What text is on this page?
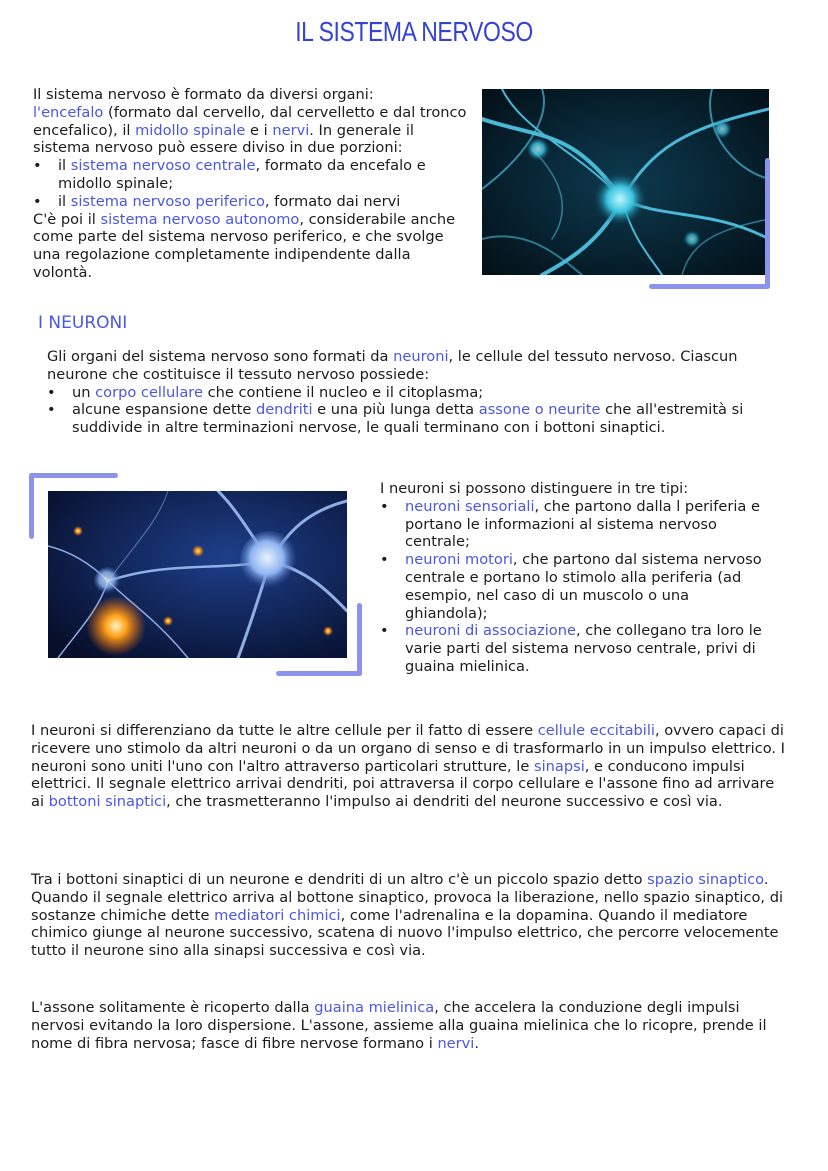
IL SISTEMA NERVOSO

Il sistema nervoso è formato da diversi organi:
l'encefalo (formato dal cervello, dal cervelletto e dal tronco encefalico), il midollo spinale e i nervi. In generale il sistema nervoso può essere diviso in due porzioni:

• il sistema nervoso centrale, formato da encefalo e midollo spinale;
• il sistema nervoso periferico, formato dai nervi

C'è poi il sistema nervoso autonomo, considerabile anche come parte del sistema nervoso periferico, e che svolge una regolazione completamente indipendente dalla volontà.

I NEURONI

Gli organi del sistema nervoso sono formati da neuroni, le cellule del tessuto nervoso. Ciascun neurone che costituisce il tessuto nervoso possiede:

• un corpo cellulare che contiene il nucleo e il citoplasma;
• alcune espansione dette dendriti e una più lunga detta assone o neurite che all'estremità si suddivide in altre terminazioni nervose, le quali terminano con i bottoni sinaptici.

I neuroni si possono distinguere in tre tipi:

• neuroni sensoriali, che partono dalla l periferia e portano le informazioni al sistema nervoso centrale;
• neuroni motori, che partono dal sistema nervoso centrale e portano lo stimolo alla periferia (ad esempio, nel caso di un muscolo o una ghiandola);
• neuroni di associazione, che collegano tra loro le varie parti del sistema nervoso centrale, privi di guaina mielinica.

I neuroni si differenziano da tutte le altre cellule per il fatto di essere cellule eccitabili, ovvero capaci di ricevere uno stimolo da altri neuroni o da un organo di senso e di trasformarlo in un impulso elettrico. I neuroni sono uniti l'uno con l'altro attraverso particolari strutture, le sinapsi, e conducono impulsi elettrici. Il segnale elettrico arrivai dendriti, poi attraversa il corpo cellulare e l'assone fino ad arrivare ai bottoni sinaptici, che trasmetteranno l'impulso ai dendriti del neurone successivo e così via.

Tra i bottoni sinaptici di un neurone e dendriti di un altro c'è un piccolo spazio detto spazio sinaptico. Quando il segnale elettrico arriva al bottone sinaptico, provoca la liberazione, nello spazio sinaptico, di sostanze chimiche dette mediatori chimici, come l'adrenalina e la dopamina. Quando il mediatore chimico giunge al neurone successivo, scatena di nuovo l'impulso elettrico, che percorre velocemente tutto il neurone sino alla sinapsi successiva e così via.

L'assone solitamente è ricoperto dalla guaina mielinica, che accelera la conduzione degli impulsi nervosi evitando la loro dispersione. L'assone, assieme alla guaina mielinica che lo ricopre, prende il nome di fibra nervosa; fasce di fibre nervose formano i nervi.
